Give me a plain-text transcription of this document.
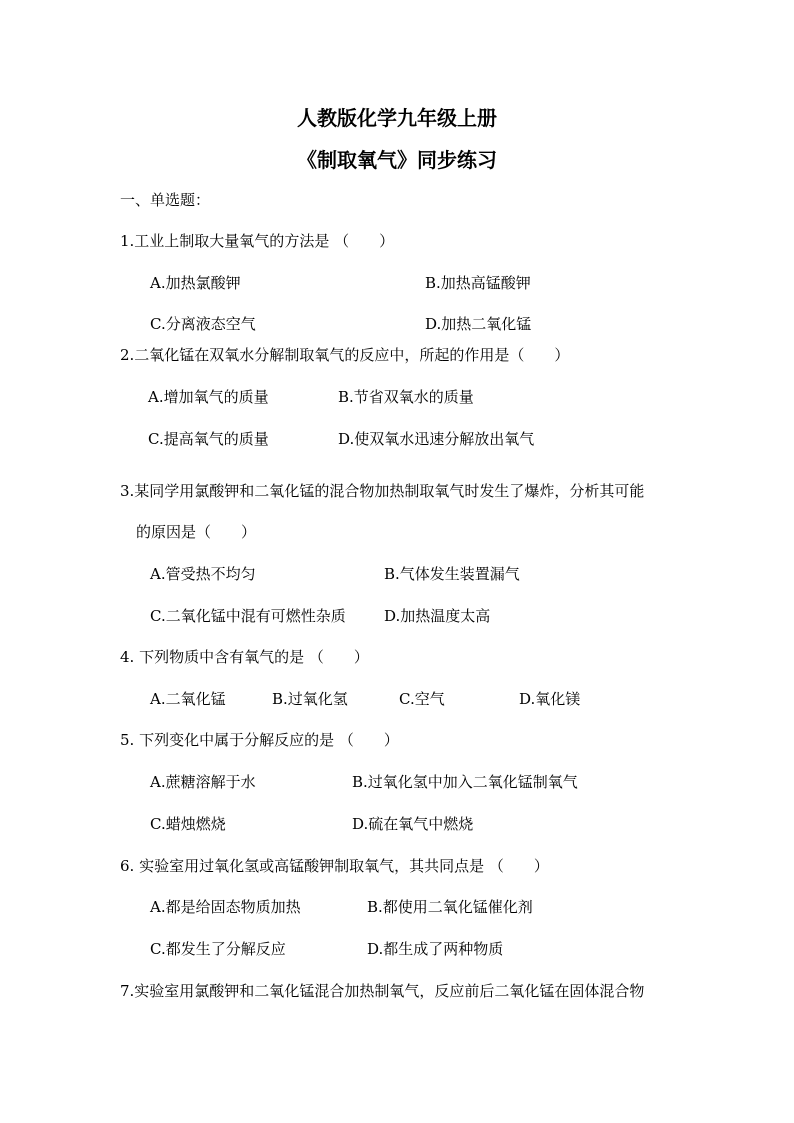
人教版化学九年级上册
《制取氧气》同步练习
一、单选题：
1.工业上制取大量氧气的方法是 （　　）
A.加热氯酸钾	B.加热高锰酸钾
C.分离液态空气	D.加热二氧化锰
2.二氧化锰在双氧水分解制取氧气的反应中，所起的作用是（　　）
A.增加氧气的质量	B.节省双氧水的质量
C.提高氧气的质量	D.使双氧水迅速分解放出氧气
3.某同学用氯酸钾和二氧化锰的混合物加热制取氧气时发生了爆炸，分析其可能
的原因是（　　）
A.管受热不均匀	B.气体发生装置漏气
C.二氧化锰中混有可燃性杂质	D.加热温度太高
4. 下列物质中含有氧气的是 （　　）
A.二氧化锰	B.过氧化氢	C.空气	D.氧化镁
5. 下列变化中属于分解反应的是 （　　）
A.蔗糖溶解于水	B.过氧化氢中加入二氧化锰制氧气
C.蜡烛燃烧	D.硫在氧气中燃烧
6. 实验室用过氧化氢或高锰酸钾制取氧气，其共同点是 （　　）
A.都是给固态物质加热	B.都使用二氧化锰催化剂
C.都发生了分解反应	D.都生成了两种物质
7.实验室用氯酸钾和二氧化锰混合加热制氧气，反应前后二氧化锰在固体混合物
